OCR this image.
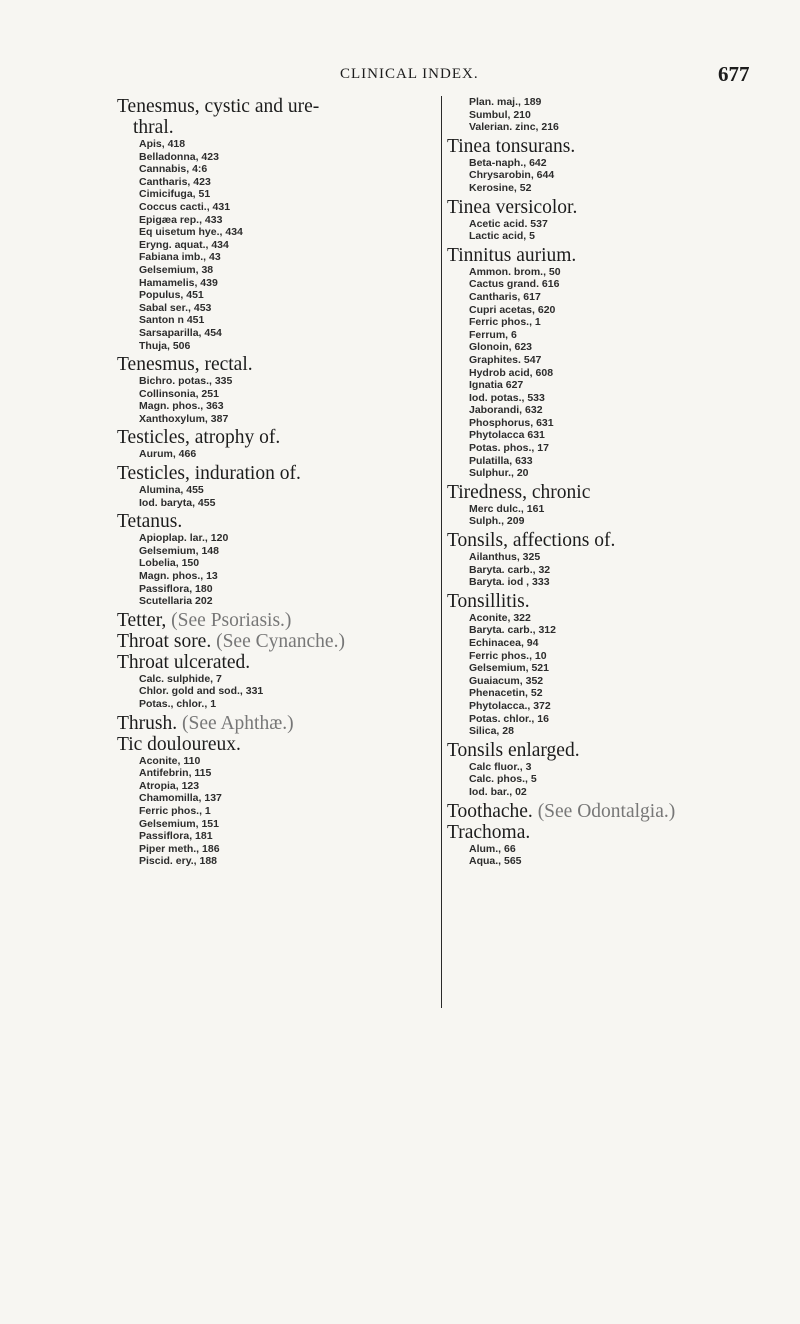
CLINICAL INDEX.	677
Tenesmus, cystic and ure-
thral.
Apis, 418
Belladonna, 423
Cannabis, 4:6
Cantharis, 423
Cimicifuga, 51
Coccus cacti., 431
Epigæa rep., 433
Eq uisetum hye., 434
Eryng. aquat., 434
Fabiana imb., 43
Gelsemium, 38
Hamamelis, 439
Populus, 451
Sabal ser., 453
Santon n 451
Sarsaparilla, 454
Thuja, 506
Tenesmus, rectal.
Bichro. potas., 335
Collinsonia, 251
Magn. phos., 363
Xanthoxylum, 387
Testicles, atrophy of.
Aurum, 466
Testicles, induration of.
Alumina, 455
Iod. baryta, 455
Tetanus.
Apioplap. lar., 120
Gelsemium, 148
Lobelia, 150
Magn. phos., 13
Passiflora, 180
Scutellaria 202
Tetter, (See Psoriasis.)
Throat sore. (See Cynanche.)
Throat ulcerated.
Calc. sulphide, 7
Chlor. gold and sod., 331
Potas., chlor., 1
Thrush. (See Aphthæ.)
Tic douloureux.
Aconite, 110
Antifebrin, 115
Atropia, 123
Chamomilla, 137
Ferric phos., 1
Gelsemium, 151
Passiflora, 181
Piper meth., 186
Piscid. ery., 188
Plan. maj., 189
Sumbul, 210
Valerian. zinc, 216
Tinea tonsurans.
Beta-naph., 642
Chrysarobin, 644
Kerosine, 52
Tinea versicolor.
Acetic acid. 537
Lactic acid, 5
Tinnitus aurium.
Ammon. brom., 50
Cactus grand. 616
Cantharis, 617
Cupri acetas, 620
Ferric phos., 1
Ferrum, 6
Glonoin, 623
Graphites. 547
Hydrob acid, 608
Ignatia 627
Iod. potas., 533
Jaborandi, 632
Phosphorus, 631
Phytolacca 631
Potas. phos., 17
Pulatilla, 633
Sulphur., 20
Tiredness, chronic
Merc dulc., 161
Sulph., 209
Tonsils, affections of.
Ailanthus, 325
Baryta. carb., 32
Baryta. iod , 333
Tonsillitis.
Aconite, 322
Baryta. carb., 312
Echinacea, 94
Ferric phos., 10
Gelsemium, 521
Guaiacum, 352
Phenacetin, 52
Phytolacca., 372
Potas. chlor., 16
Silica, 28
Tonsils enlarged.
Calc fluor., 3
Calc. phos., 5
Iod. bar., 02
Toothache. (See Odontalgia.)
Trachoma.
Alum., 66
Aqua., 565
